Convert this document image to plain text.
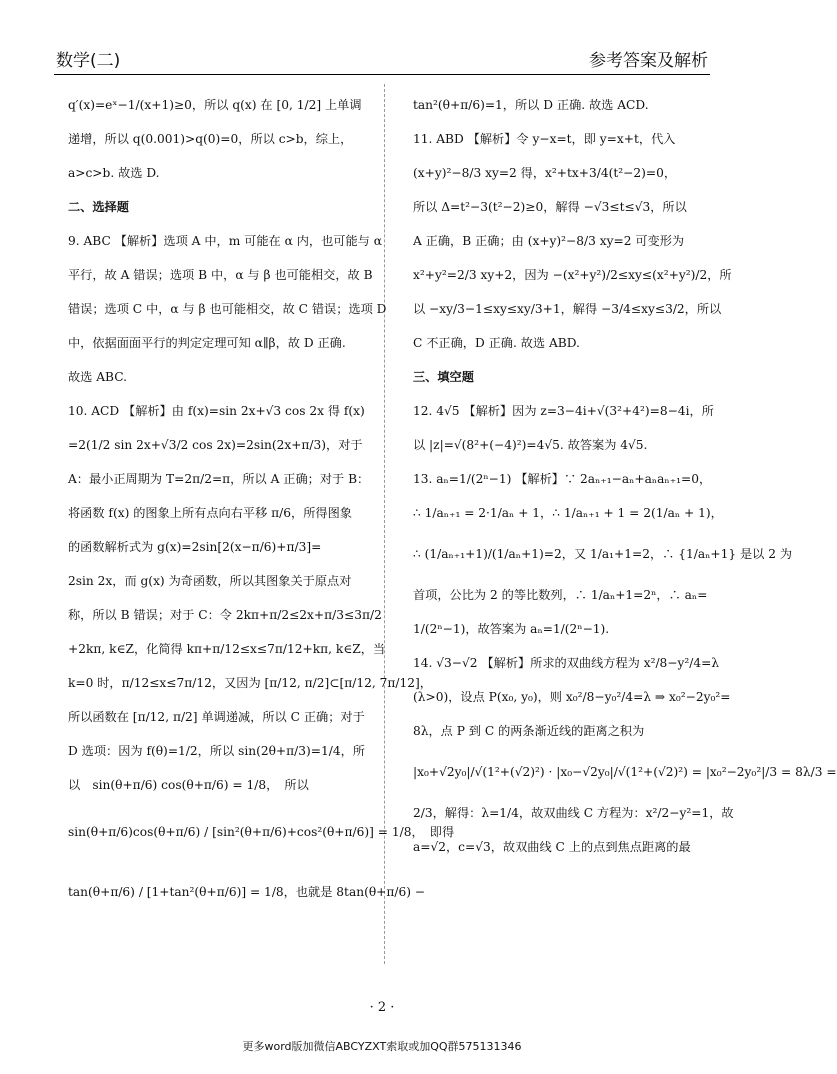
数学(二)	参考答案及解析
q′(x)=eˣ−1/(x+1)≥0，所以 q(x) 在 [0, 1/2] 上单调
递增，所以 q(0.001)>q(0)=0，所以 c>b，综上，
a>c>b. 故选 D.
二、选择题
9. ABC 【解析】选项 A 中，m 可能在 α 内，也可能与 α
平行，故 A 错误；选项 B 中，α 与 β 也可能相交，故 B
错误；选项 C 中，α 与 β 也可能相交，故 C 错误；选项 D
中，依据面面平行的判定定理可知 α∥β，故 D 正确.
故选 ABC.
10. ACD 【解析】由 f(x)=sin 2x+√3 cos 2x 得 f(x)
=2(1/2 sin 2x+√3/2 cos 2x)=2sin(2x+π/3)，对于
A：最小正周期为 T=2π/2=π，所以 A 正确；对于 B：
将函数 f(x) 的图象上所有点向右平移 π/6，所得图象
的函数解析式为 g(x)=2sin[2(x−π/6)+π/3]=
2sin 2x，而 g(x) 为奇函数，所以其图象关于原点对
称，所以 B 错误；对于 C：令 2kπ+π/2≤2x+π/3≤3π/2
+2kπ, k∈Z，化简得 kπ+π/12≤x≤7π/12+kπ, k∈Z，当
k=0 时，π/12≤x≤7π/12，又因为 [π/12, π/2]⊂[π/12, 7π/12]，
所以函数在 [π/12, π/2] 单调递减，所以 C 正确；对于
D 选项：因为 f(θ)=1/2，所以 sin(2θ+π/3)=1/4，所
以　sin(θ+π/6) cos(θ+π/6) = 1/8，　所以
sin(θ+π/6)cos(θ+π/6) / [sin²(θ+π/6)+cos²(θ+π/6)] = 1/8，　即得
tan(θ+π/6) / [1+tan²(θ+π/6)] = 1/8，也就是 8tan(θ+π/6) −
tan²(θ+π/6)=1，所以 D 正确. 故选 ACD.
11. ABD 【解析】令 y−x=t，即 y=x+t，代入
(x+y)²−8/3 xy=2 得，x²+tx+3/4(t²−2)=0，
所以 Δ=t²−3(t²−2)≥0，解得 −√3≤t≤√3，所以
A 正确，B 正确；由 (x+y)²−8/3 xy=2 可变形为
x²+y²=2/3 xy+2，因为 −(x²+y²)/2≤xy≤(x²+y²)/2，所
以 −xy/3−1≤xy≤xy/3+1，解得 −3/4≤xy≤3/2，所以
C 不正确，D 正确. 故选 ABD.
三、填空题
12. 4√5 【解析】因为 z=3−4i+√(3²+4²)=8−4i，所
以 |z|=√(8²+(−4)²)=4√5. 故答案为 4√5.
13. aₙ=1/(2ⁿ−1) 【解析】∵ 2aₙ₊₁−aₙ+aₙaₙ₊₁=0，
∴ 1/aₙ₊₁ = 2·1/aₙ + 1，∴ 1/aₙ₊₁ + 1 = 2(1/aₙ + 1)，
∴ (1/aₙ₊₁+1)/(1/aₙ+1)=2，又 1/a₁+1=2，∴ {1/aₙ+1} 是以 2 为
首项，公比为 2 的等比数列，∴ 1/aₙ+1=2ⁿ，∴ aₙ=
1/(2ⁿ−1)，故答案为 aₙ=1/(2ⁿ−1).
14. √3−√2 【解析】所求的双曲线方程为 x²/8−y²/4=λ
(λ>0)，设点 P(x₀, y₀)，则 x₀²/8−y₀²/4=λ ⇒ x₀²−2y₀²=
8λ，点 P 到 C 的两条渐近线的距离之积为
|x₀+√2y₀|/√(1²+(√2)²) · |x₀−√2y₀|/√(1²+(√2)²) = |x₀²−2y₀²|/3 = 8λ/3 =
2/3，解得：λ=1/4，故双曲线 C 方程为：x²/2−y²=1，故
a=√2，c=√3，故双曲线 C 上的点到焦点距离的最
· 2 ·
更多word版加微信ABCYZXT索取或加QQ群575131346
